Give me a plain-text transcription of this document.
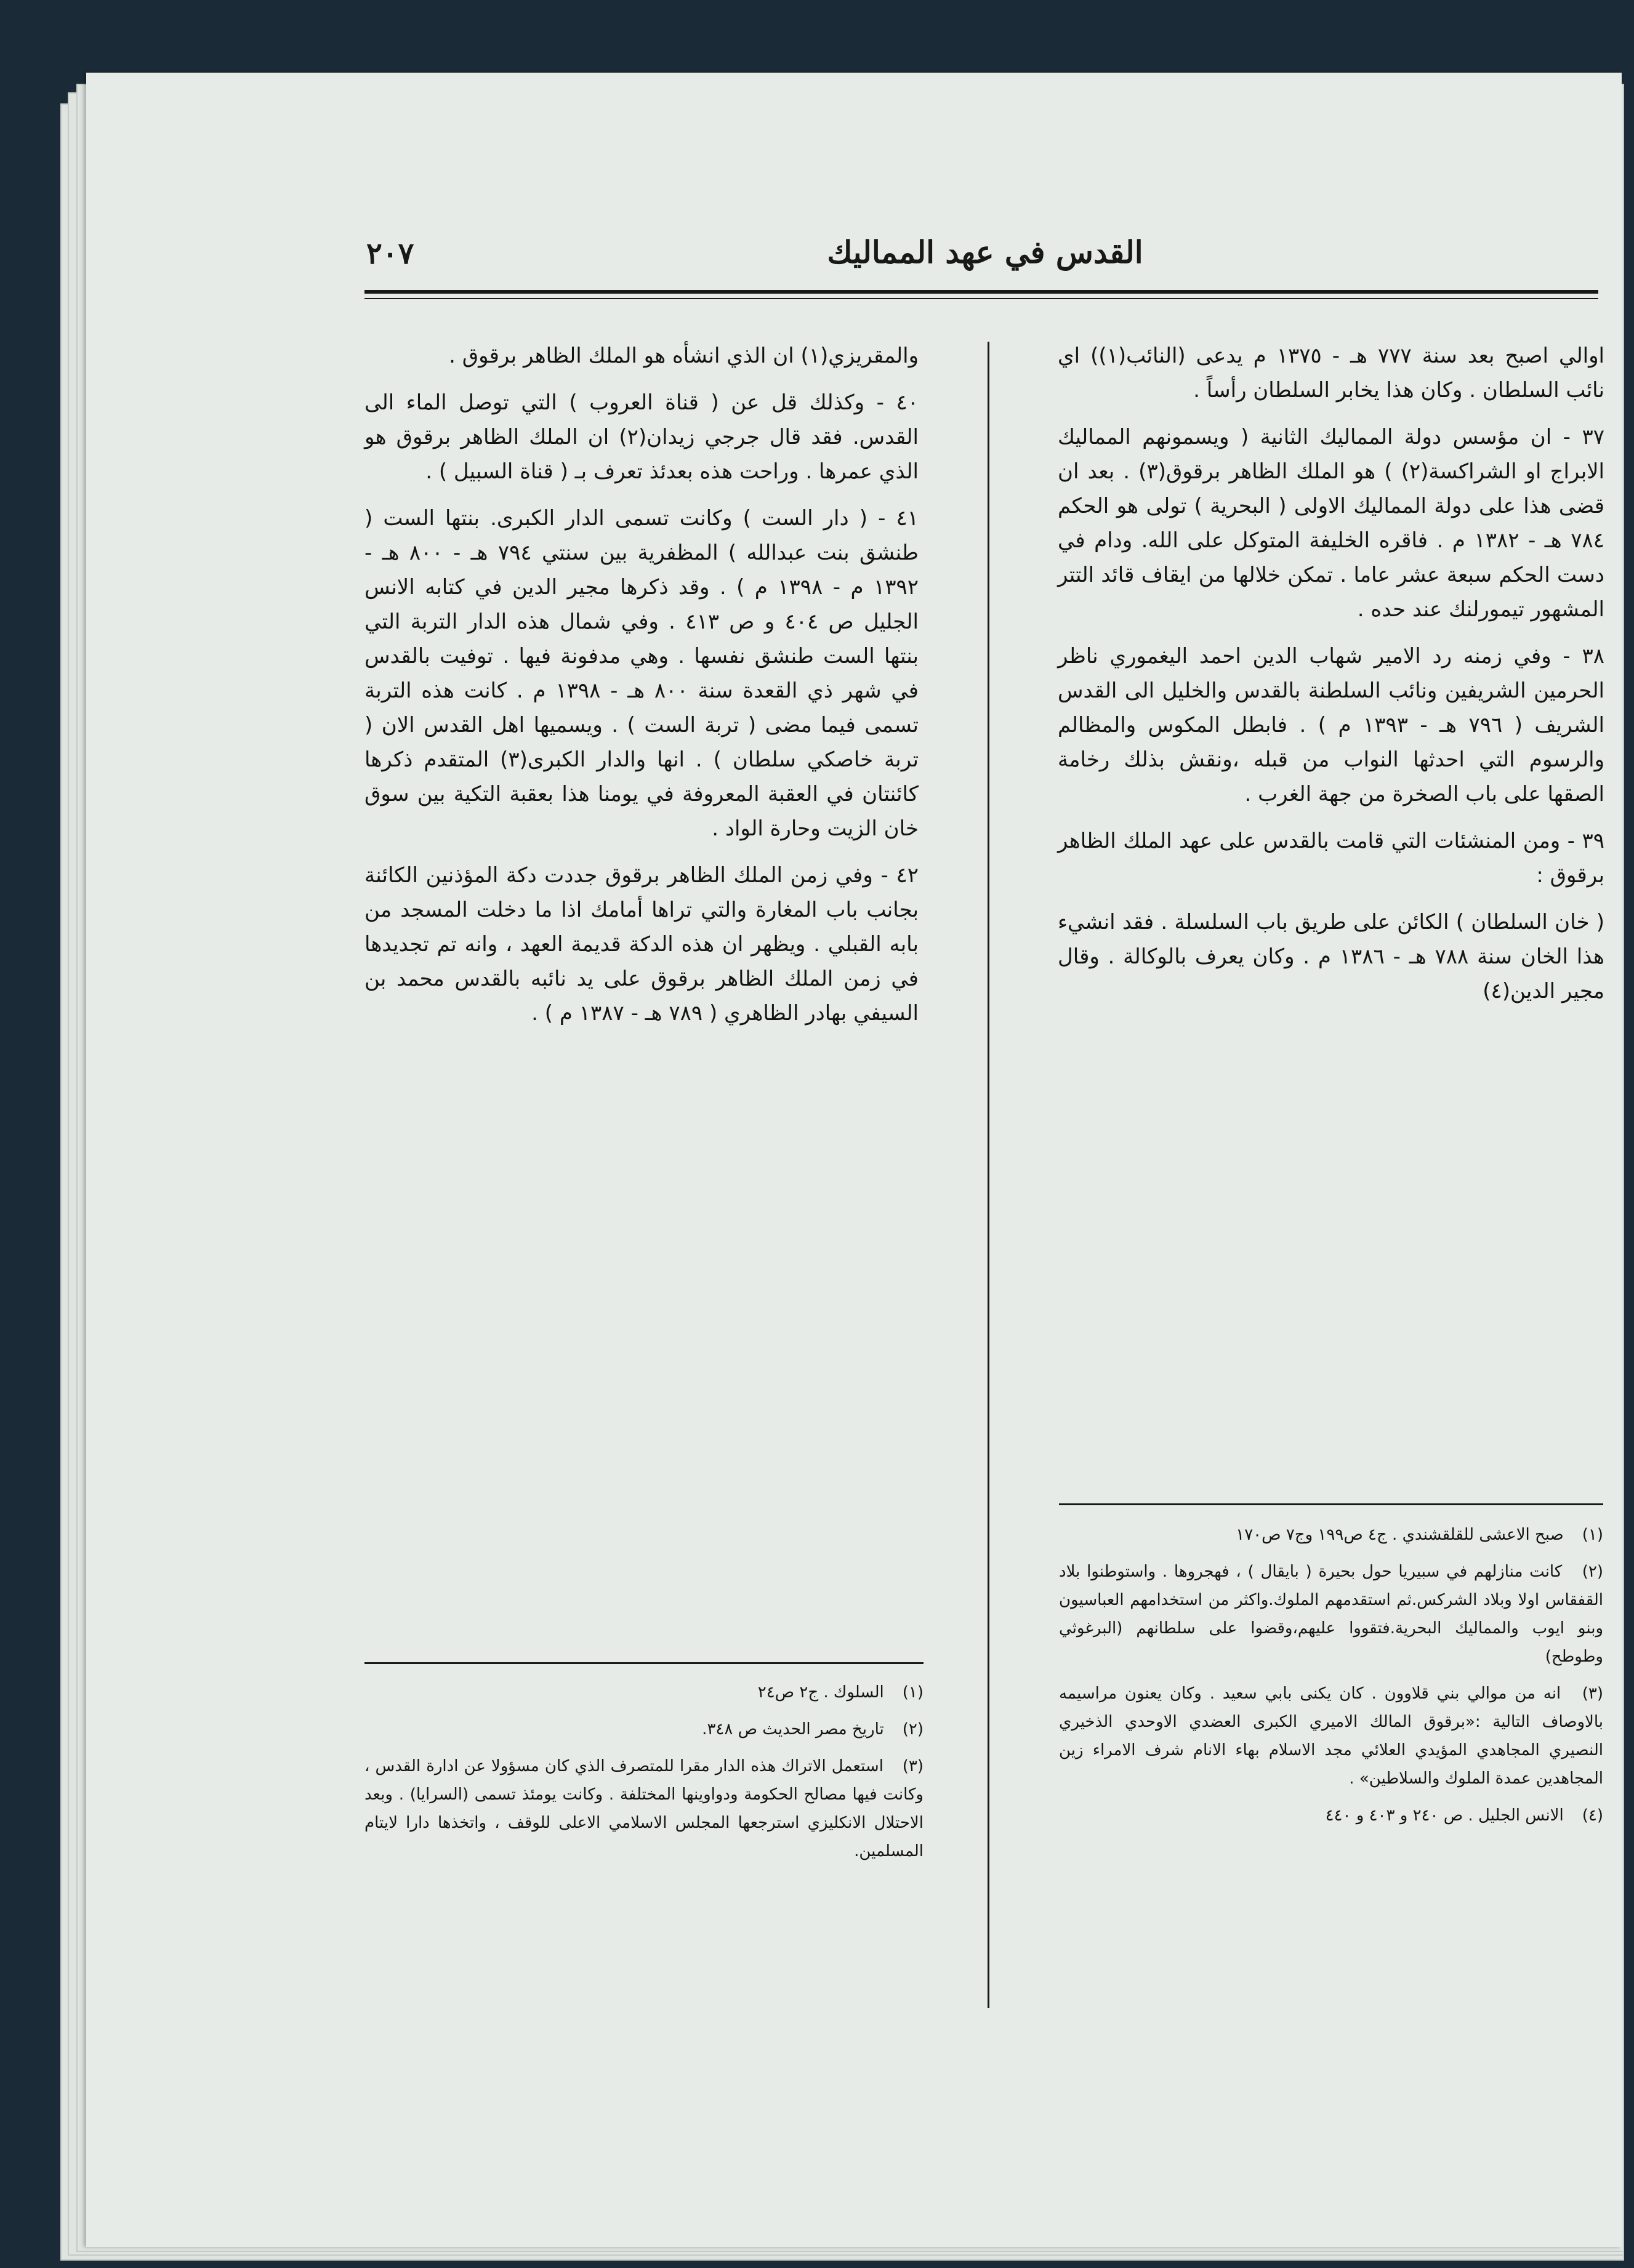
القدس في عهد المماليك
٢٠٧

اوالي اصبح بعد سنة ٧٧٧ هـ - ١٣٧٥ م يدعى (النائب(١)) اي نائب السلطان . وكان هذا يخابر السلطان رأساً .

٣٧ - ان مؤسس دولة المماليك الثانية ( ويسمونهم المماليك الابراج او الشراكسة(٢) ) هو الملك الظاهر برقوق(٣) . بعد ان قضى هذا على دولة المماليك الاولى ( البحرية ) تولى هو الحكم ٧٨٤ هـ - ١٣٨٢ م . فاقره الخليفة المتوكل على الله. ودام في دست الحكم سبعة عشر عاما . تمكن خلالها من ايقاف قائد التتر المشهور تيمورلنك عند حده .

٣٨ - وفي زمنه رد الامير شهاب الدين احمد اليغموري ناظر الحرمين الشريفين ونائب السلطنة بالقدس والخليل الى القدس الشريف ( ٧٩٦ هـ - ١٣٩٣ م ) . فابطل المكوس والمظالم والرسوم التي احدثها النواب من قبله ،ونقش بذلك رخامة الصقها على باب الصخرة من جهة الغرب .

٣٩ - ومن المنشئات التي قامت بالقدس على عهد الملك الظاهر برقوق :

( خان السلطان ) الكائن على طريق باب السلسلة . فقد انشيء هذا الخان سنة ٧٨٨ هـ - ١٣٨٦ م . وكان يعرف بالوكالة . وقال مجير الدين(٤)

(١) صبح الاعشى للقلقشندي . ج٤ ص١٩٩ وج٧ ص١٧٠
(٢) كانت منازلهم في سبيريا حول بحيرة ( بايقال ) ، فهجروها . واستوطنوا بلاد القفقاس اولا وبلاد الشركس.ثم استقدمهم الملوك.واكثر من استخدامهم العباسيون وبنو ايوب والمماليك البحرية.فتقووا عليهم،وقضوا على سلطانهم (البرغوثي وطوطح)
(٣) انه من موالي بني قلاوون . كان يكنى بابي سعيد . وكان يعنون مراسيمه بالاوصاف التالية :«برقوق المالك الاميري الكبرى العضدي الاوحدي الذخيري النصيري المجاهدي المؤيدي العلائي مجد الاسلام بهاء الانام شرف الامراء زين المجاهدين عمدة الملوك والسلاطين» .
(٤) الانس الجليل . ص ٢٤٠ و ٤٠٣ و ٤٤٠

والمقريزي(١) ان الذي انشأه هو الملك الظاهر برقوق .

٤٠ - وكذلك قل عن ( قناة العروب ) التي توصل الماء الى القدس. فقد قال جرجي زيدان(٢) ان الملك الظاهر برقوق هو الذي عمرها . وراحت هذه بعدئذ تعرف بـ ( قناة السبيل ) .

٤١ - ( دار الست ) وكانت تسمى الدار الكبرى. بنتها الست ( طنشق بنت عبدالله ) المظفرية بين سنتي ٧٩٤ هـ - ٨٠٠ هـ - ١٣٩٢ م - ١٣٩٨ م ) . وقد ذكرها مجير الدين في كتابه الانس الجليل ص ٤٠٤ و ص ٤١٣ . وفي شمال هذه الدار التربة التي بنتها الست طنشق نفسها . وهي مدفونة فيها . توفيت بالقدس في شهر ذي القعدة سنة ٨٠٠ هـ - ١٣٩٨ م . كانت هذه التربة تسمى فيما مضى ( تربة الست ) . ويسميها اهل القدس الان ( تربة خاصكي سلطان ) . انها والدار الكبرى(٣) المتقدم ذكرها كائنتان في العقبة المعروفة في يومنا هذا بعقبة التكية بين سوق خان الزيت وحارة الواد .

٤٢ - وفي زمن الملك الظاهر برقوق جددت دكة المؤذنين الكائنة بجانب باب المغارة والتي تراها أمامك اذا ما دخلت المسجد من بابه القبلي . ويظهر ان هذه الدكة قديمة العهد ، وانه تم تجديدها في زمن الملك الظاهر برقوق على يد نائبه بالقدس محمد بن السيفي بهادر الظاهري ( ٧٨٩ هـ - ١٣٨٧ م ) .

(١) السلوك . ج٢ ص٢٤
(٢) تاريخ مصر الحديث ص ٣٤٨.
(٣) استعمل الاتراك هذه الدار مقرا للمتصرف الذي كان مسؤولا عن ادارة القدس ، وكانت فيها مصالح الحكومة ودواوينها المختلفة . وكانت يومئذ تسمى (السرايا) . وبعد الاحتلال الانكليزي استرجعها المجلس الاسلامي الاعلى للوقف ، واتخذها دارا لايتام المسلمين.
